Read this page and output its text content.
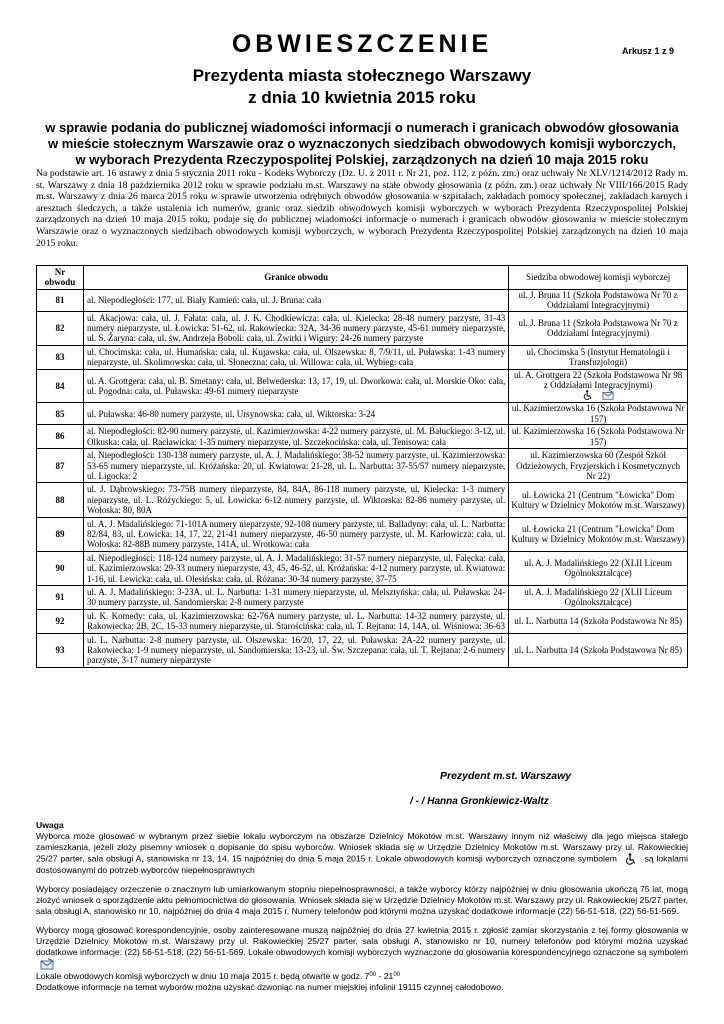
OBWIESZCZENIE	Arkusz 1 z 9
Prezydenta miasta stołecznego Warszawy
z dnia 10 kwietnia 2015 roku
w sprawie podania do publicznej wiadomości informacji o numerach i granicach obwodów głosowania
w mieście stołecznym Warszawie oraz o wyznaczonych siedzibach obwodowych komisji wyborczych,
w wyborach Prezydenta Rzeczypospolitej Polskiej, zarządzonych na dzień 10 maja 2015 roku

Na podstawie art. 16 ustawy z dnia 5 stycznia 2011 roku - Kodeks Wyborczy (Dz. U. z 2011 r. Nr 21, poz. 112, z późn. zm.) oraz uchwały Nr XLV/1214/2012 Rady m. st. Warszawy z dnia 18 października 2012 roku w sprawie podziału m.st. Warszawy na stałe obwody głosowania (z późn. zm.) oraz uchwały Nr VIII/166/2015 Rady m.st. Warszawy z dnia 26 marca 2015 roku w sprawie utworzenia odrębnych obwodów głosowania w szpitalach, zakładach pomocy społecznej, zakładach karnych i aresztach śledczych, a także ustalenia ich numerów, granic oraz siedzib obwodowych komisji wyborczych w wyborach Prezydenta Rzeczypospolitej Polskiej zarządzonych na dzień 10 maja 2015 roku, podaje się do publicznej wiadomości informacje o numerach i granicach obwodów głosowania w mieście stołecznym Warszawie oraz o wyznaczonych siedzibach obwodowych komisji wyborczych, w wyborach Prezydenta Rzeczypospolitej Polskiej zarządzonych na dzień 10 maja 2015 roku.

Nr obwodu	Granice obwodu	Siedziba obwodowej komisji wyborczej
81	al. Niepodległości: 177, ul. Biały Kamień: cała, ul. J. Bruna: cała	ul. J. Bruna 11 (Szkoła Podstawowa Nr 70 z Oddziałami Integracyjnymi)

82	ul. Akacjowa: cała, ul. J. Fałata: cała, ul. J. K. Chodkiewicza: cała, ul. Kielecka: 28-48 numery parzyste, 31-43 numery nieparzyste, ul. Łowicka: 51-62, ul. Rakowiecka: 32A, 34-36 numery parzyste, 45-61 numery nieparzyste, ul. S. Żaryna: cała, ul. św. Andrzeja Boboli: cała, ul. Żwirki i Wigury: 24-26 numery parzyste	ul. J. Bruna 11 (Szkoła Podstawowa Nr 70 z Oddziałami Integracyjnymi)

83	ul. Chocimska: cała, ul. Humańska: cała, ul. Kujawska: cała, ul. Olszewska: 8, 7/9/11, ul. Puławska: 1-43 numery nieparzyste, ul. Skolimowska: cała, ul. Słoneczna: cała, ul. Willowa: cała, ul. Wybieg: cała	ul. Chocimska 5 (Instytut Hematologii i Transfuzjologii)

84	ul. A. Grottgera: cała, ul. B. Smetany: cała, ul. Belwederska: 13, 17, 19, ul. Dworkowa: cała, ul. Morskie Oko: cała, ul. Pogodna: cała, ul. Puławska: 49-61 numery nieparzyste	ul. A. Grottgera 22 (Szkoła Podstawowa Nr 98 z Oddziałami Integracyjnymi)

85	ul. Puławska: 46-80 numery parzyste, ul. Ursynowska: cała, ul. Wiktorska: 3-24	ul. Kazimierzowska 16 (Szkoła Podstawowa Nr 157)

86	al. Niepodległości: 82-90 numery parzyste, ul. Kazimierzowska: 4-22 numery parzyste, ul. M. Bałuckiego: 3-12, ul. Olkuska: cała, ul. Racławicka: 1-35 numery nieparzyste, ul. Szczekocińska: cała, ul. Tenisowa: cała	ul. Kazimierzowska 16 (Szkoła Podstawowa Nr 157)

87	al. Niepodległości: 130-138 numery parzyste, ul. A. J. Madalińskiego: 38-52 numery parzyste, ul. Kazimierzowska: 53-65 numery nieparzyste, ul. Króżańska: 20, ul. Kwiatowa: 21-28, ul. L. Narbutta: 37-55/57 numery nieparzyste, ul. Ligocka: 2	ul. Kazimierzowska 60 (Zespół Szkół Odzieżowych, Fryzjerskich i Kosmetycznych Nr 22)

88	ul. J. Dąbrowskiego: 73-75B numery nieparzyste, 84, 84A, 86-118 numery parzyste, ul. Kielecka: 1-3 numery nieparzyste, ul. L. Różyckiego: 5, ul. Łowicka: 6-12 numery parzyste, ul. Wiktorska: 82-86 numery parzyste, ul. Wołoska: 80, 80A	ul. Łowicka 21 (Centrum "Łowicka" Dom Kultury w Dzielnicy Mokotów m.st. Warszawy)

89	ul. A. J. Madalińskiego: 71-101A numery nieparzyste, 92-108 numery parzyste, ul. Balladyny: cała, ul. L. Narbutta: 82/84, 83, ul. Łowicka: 14, 17, 22, 21-41 numery nieparzyste, 46-50 numery parzyste, ul. M. Karłowicza: cała, ul. Wołoska: 82-88B numery parzyste, 141A, ul. Wrotkowa: cała	ul. Łowicka 21 (Centrum "Łowicka" Dom Kultury w Dzielnicy Mokotów m.st. Warszawy)

90	al. Niepodległości: 118-124 numery parzyste, ul. A. J. Madalińskiego: 31-57 numery nieparzyste, ul. Falęcka: cała, ul. Kazimierzowska: 29-33 numery nieparzyste, 43, 45, 46-52, ul. Króżańska: 4-12 numery parzyste, ul. Kwiatowa: 1-16, ul. Lewicka: cała, ul. Olesińska: cała, ul. Różana: 30-34 numery parzyste, 37-75	ul. A. J. Madalińskiego 22 (XLII Liceum Ogólnokształcące)

91	ul. A. J. Madalińskiego: 3-23A, ul. L. Narbutta: 1-31 numery nieparzyste, ul. Melsztyńska: cała, ul. Puławska: 24-30 numery parzyste, ul. Sandomierska: 2-8 numery parzyste	ul. A. J. Madalińskiego 22 (XLII Liceum Ogólnokształcące)

92	ul. K. Komedy: cała, ul. Kazimierzowska: 62-76A numery parzyste, ul. L. Narbutta: 14-32 numery parzyste, ul. Rakowiecka: 2B, 2C, 15-33 numery nieparzyste, ul. Starościńska: cała, ul. T. Rejtana: 14, 14A, ul. Wiśniowa: 36-63	ul. L. Narbutta 14 (Szkoła Podstawowa Nr 85)

93	ul. L. Narbutta: 2-8 numery parzyste, ul. Olszewska: 16/20, 17, 22, ul. Puławska: 2A-22 numery parzyste, ul. Rakowiecka: 1-9 numery nieparzyste, ul. Sandomierska: 13-23, ul. Św. Szczepana: cała, ul. T. Rejtana: 2-6 numery parzyste, 3-17 numery nieparzyste	ul. L. Narbutta 14 (Szkoła Podstawowa Nr 85)
Prezydent m.st. Warszawy
/ - / Hanna Gronkiewicz-Waltz
Uwaga

Wyborca może głosować w wybranym przez siebie lokalu wyborczym na obszarze Dzielnicy Mokotów m.st. Warszawy innym niż właściwy dla jego miejsca stałego zamieszkania, jeżeli złoży pisemny wniosek o dopisanie do spisu wyborców. Wniosek składa się w Urzędzie Dzielnicy Mokotów m.st. Warszawy przy ul. Rakowieckiej 25/27 parter, sala obsługi A, stanowiska nr 13, 14, 15 najpóźniej do dnia 5 maja 2015 r. Lokale obwodowych komisji wyborczych oznaczone symbolem	są lokalami dostosowanymi do potrzeb wyborców niepełnosprawnych

Wyborcy posiadający orzeczenie o znacznym lub umiarkowanym stopniu niepełnosprawności, a także wyborcy którzy najpóźniej w dniu głosowania ukończą 75 lat, mogą złożyć wniosek o sporządzenie aktu pełnomocnictwa do głosowania. Wniosek składa się w Urzędzie Dzielnicy Mokotów m.st. Warszawy przy ul. Rakowieckiej 25/27 parter, sala obsługi A, stanowisko nr 10, najpóźniej do dnia 4 maja 2015 r. Numery telefonów pod którymi można uzyskać dodatkowe informacje (22) 56-51-518, (22) 56-51-569.

Wyborcy mogą głosować korespondencyjnie, osoby zainteresowane muszą najpóźniej do dnia 27 kwietnia 2015 r. zgłosić zamiar skorzystania z tej formy głosowania w Urzędzie Dzielnicy Mokotów m.st. Warszawy przy ul. Rakowieckiej 25/27 parter, sala obsługi A, stanowisko nr 10, numery telefonów pod którymi można uzyskać dodatkowe informacje: (22) 56-51-518, (22) 56-51-569. Lokale obwodowych komisji wyborczych wyznaczone do głosowania korespondencyjnego oznaczone są symbolem

Lokale obwodowych komisji wyborczych w dniu 10 maja 2015 r. będą otwarte w godz. $7^{00} - 21^{00}$

Dodatkowe informacje na temat wyborów można uzyskać dzwoniąc na numer miejskiej infolinii 19115 czynnej całodobowo.
